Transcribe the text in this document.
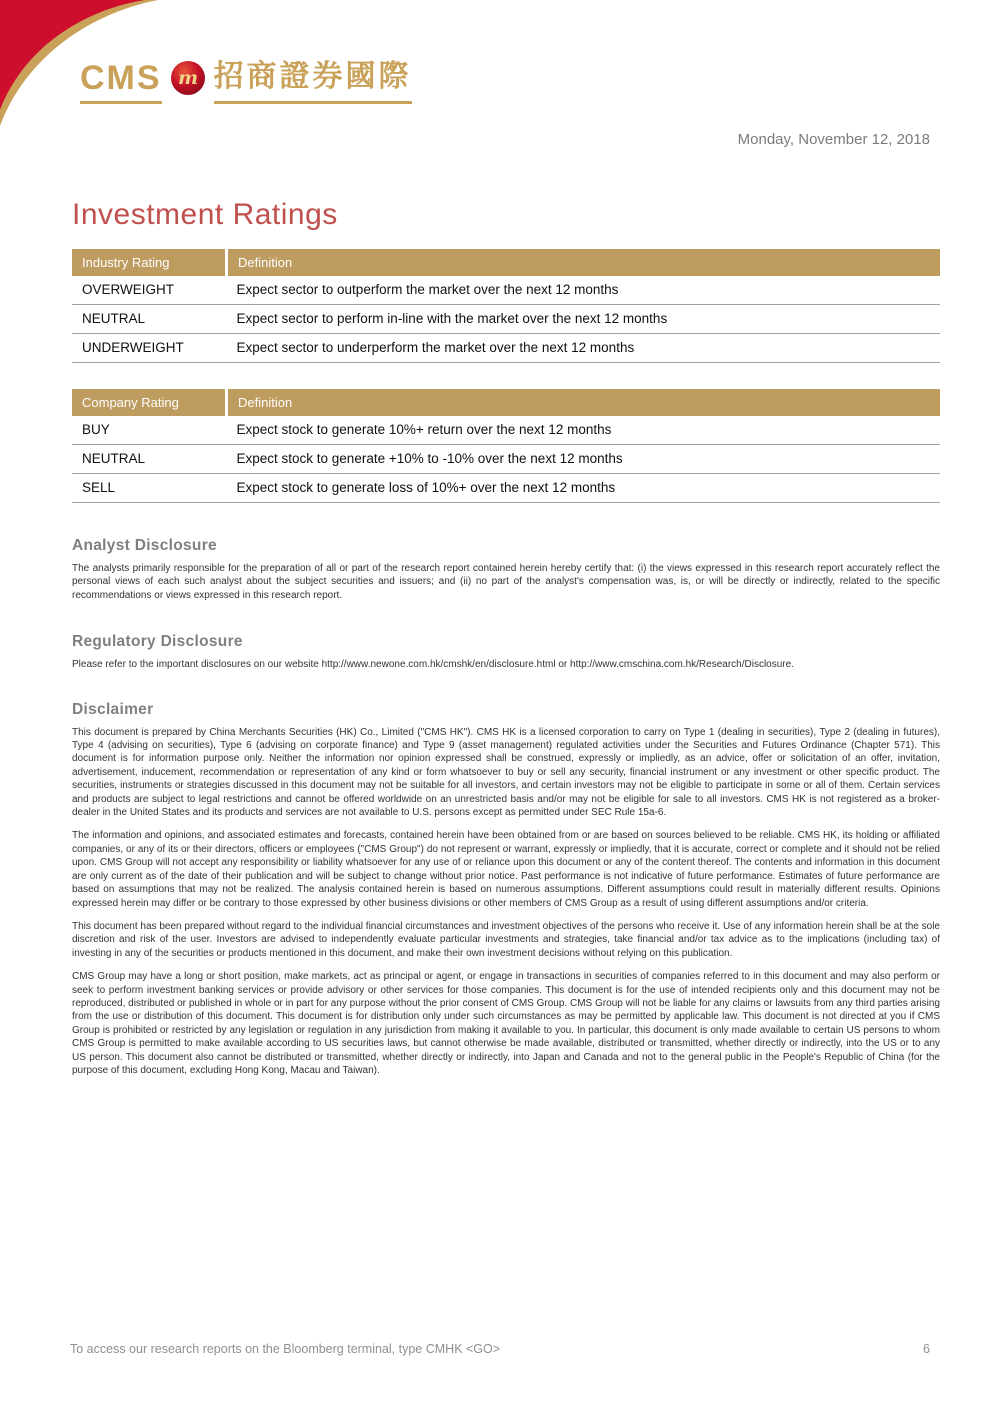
CMS m 招商證券國際
Monday, November 12, 2018
Investment Ratings
Industry Rating	Definition
OVERWEIGHT	Expect sector to outperform the market over the next 12 months
NEUTRAL	Expect sector to perform in-line with the market over the next 12 months
UNDERWEIGHT	Expect sector to underperform the market over the next 12 months
Company Rating	Definition
BUY	Expect stock to generate 10%+ return over the next 12 months
NEUTRAL	Expect stock to generate +10% to -10% over the next 12 months
SELL	Expect stock to generate loss of 10%+ over the next 12 months
Analyst Disclosure

The analysts primarily responsible for the preparation of all or part of the research report contained herein hereby certify that: (i) the views expressed in this research report accurately reflect the personal views of each such analyst about the subject securities and issuers; and (ii) no part of the analyst's compensation was, is, or will be directly or indirectly, related to the specific recommendations or views expressed in this research report.

Regulatory Disclosure

Please refer to the important disclosures on our website http://www.newone.com.hk/cmshk/en/disclosure.html or http://www.cmschina.com.hk/Research/Disclosure.

Disclaimer

This document is prepared by China Merchants Securities (HK) Co., Limited ("CMS HK"). CMS HK is a licensed corporation to carry on Type 1 (dealing in securities), Type 2 (dealing in futures), Type 4 (advising on securities), Type 6 (advising on corporate finance) and Type 9 (asset management) regulated activities under the Securities and Futures Ordinance (Chapter 571). This document is for information purpose only. Neither the information nor opinion expressed shall be construed, expressly or impliedly, as an advice, offer or solicitation of an offer, invitation, advertisement, inducement, recommendation or representation of any kind or form whatsoever to buy or sell any security, financial instrument or any investment or other specific product. The securities, instruments or strategies discussed in this document may not be suitable for all investors, and certain investors may not be eligible to participate in some or all of them. Certain services and products are subject to legal restrictions and cannot be offered worldwide on an unrestricted basis and/or may not be eligible for sale to all investors. CMS HK is not registered as a broker-dealer in the United States and its products and services are not available to U.S. persons except as permitted under SEC Rule 15a-6.

The information and opinions, and associated estimates and forecasts, contained herein have been obtained from or are based on sources believed to be reliable. CMS HK, its holding or affiliated companies, or any of its or their directors, officers or employees ("CMS Group") do not represent or warrant, expressly or impliedly, that it is accurate, correct or complete and it should not be relied upon. CMS Group will not accept any responsibility or liability whatsoever for any use of or reliance upon this document or any of the content thereof. The contents and information in this document are only current as of the date of their publication and will be subject to change without prior notice. Past performance is not indicative of future performance. Estimates of future performance are based on assumptions that may not be realized. The analysis contained herein is based on numerous assumptions. Different assumptions could result in materially different results. Opinions expressed herein may differ or be contrary to those expressed by other business divisions or other members of CMS Group as a result of using different assumptions and/or criteria.

This document has been prepared without regard to the individual financial circumstances and investment objectives of the persons who receive it. Use of any information herein shall be at the sole discretion and risk of the user. Investors are advised to independently evaluate particular investments and strategies, take financial and/or tax advice as to the implications (including tax) of investing in any of the securities or products mentioned in this document, and make their own investment decisions without relying on this publication.

CMS Group may have a long or short position, make markets, act as principal or agent, or engage in transactions in securities of companies referred to in this document and may also perform or seek to perform investment banking services or provide advisory or other services for those companies. This document is for the use of intended recipients only and this document may not be reproduced, distributed or published in whole or in part for any purpose without the prior consent of CMS Group. CMS Group will not be liable for any claims or lawsuits from any third parties arising from the use or distribution of this document. This document is for distribution only under such circumstances as may be permitted by applicable law. This document is not directed at you if CMS Group is prohibited or restricted by any legislation or regulation in any jurisdiction from making it available to you. In particular, this document is only made available to certain US persons to whom CMS Group is permitted to make available according to US securities laws, but cannot otherwise be made available, distributed or transmitted, whether directly or indirectly, into the US or to any US person. This document also cannot be distributed or transmitted, whether directly or indirectly, into Japan and Canada and not to the general public in the People's Republic of China (for the purpose of this document, excluding Hong Kong, Macau and Taiwan).

To access our research reports on the Bloomberg terminal, type CMHK <GO>	6
